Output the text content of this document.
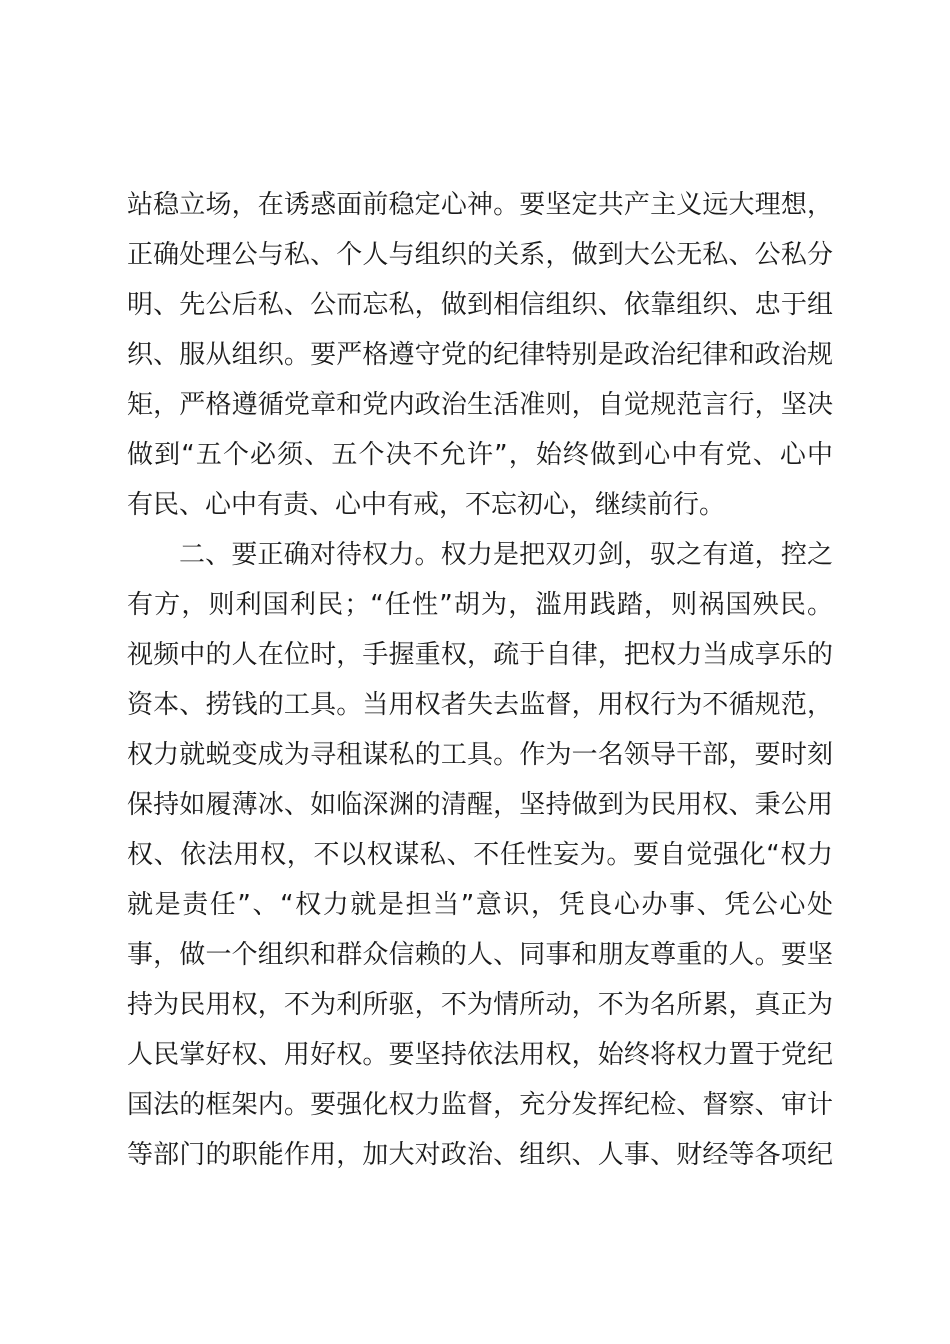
站稳立场，在诱惑面前稳定心神。要坚定共产主义远大理想，
正确处理公与私、个人与组织的关系，做到大公无私、公私分
明、先公后私、公而忘私，做到相信组织、依靠组织、忠于组
织、服从组织。要严格遵守党的纪律特别是政治纪律和政治规
矩，严格遵循党章和党内政治生活准则，自觉规范言行，坚决
做到“五个必须、五个决不允许”，始终做到心中有党、心中
有民、心中有责、心中有戒，不忘初心，继续前行。
二、要正确对待权力。权力是把双刃剑，驭之有道，控之
有方，则利国利民；“任性”胡为，滥用践踏，则祸国殃民。
视频中的人在位时，手握重权，疏于自律，把权力当成享乐的
资本、捞钱的工具。当用权者失去监督，用权行为不循规范，
权力就蜕变成为寻租谋私的工具。作为一名领导干部，要时刻
保持如履薄冰、如临深渊的清醒，坚持做到为民用权、秉公用
权、依法用权，不以权谋私、不任性妄为。要自觉强化“权力
就是责任”、“权力就是担当”意识，凭良心办事、凭公心处
事，做一个组织和群众信赖的人、同事和朋友尊重的人。要坚
持为民用权，不为利所驱，不为情所动，不为名所累，真正为
人民掌好权、用好权。要坚持依法用权，始终将权力置于党纪
国法的框架内。要强化权力监督，充分发挥纪检、督察、审计
等部门的职能作用，加大对政治、组织、人事、财经等各项纪
